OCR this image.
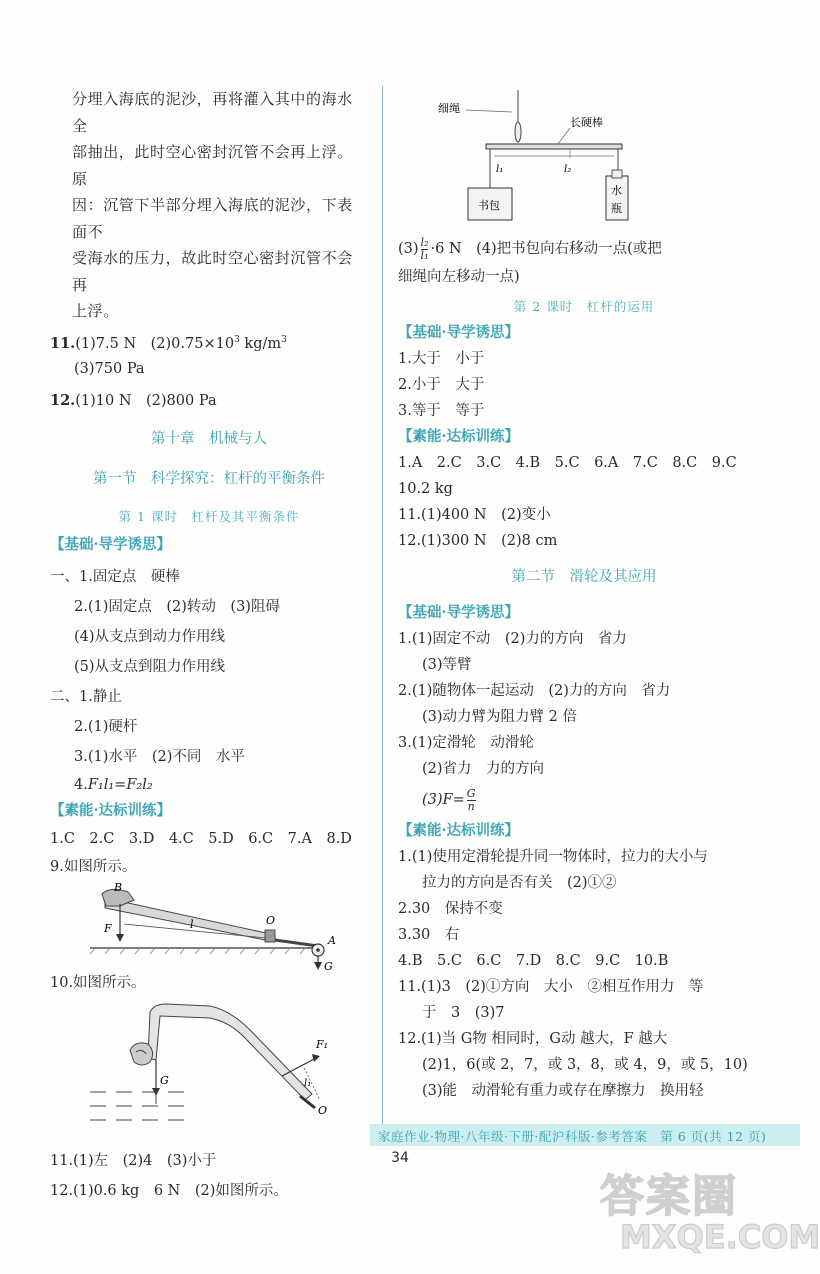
分埋入海底的泥沙，再将灌入其中的海水全
部抽出，此时空心密封沉管不会再上浮。原
因：沉管下半部分埋入海底的泥沙，下表面不
受海水的压力，故此时空心密封沉管不会再
上浮。
11.(1)7.5 N　$(2)0.75\times 10^3$ $kg/m^3$
(3)750 Pa
12.(1)10 N　(2)800 Pa
第十章　机械与人
第一节　科学探究：杠杆的平衡条件
第 1 课时　杠杆及其平衡条件
【基础·导学诱思】
一、1.固定点　硬棒
2.(1)固定点　(2)转动　(3)阻碍
(4)从支点到动力作用线
(5)从支点到阻力作用线
二、1.静止
2.(1)硬杆
3.(1)水平　(2)不同　水平
4.F₁l₁=F₂l₂
【素能·达标训练】
1.C　2.C　3.D　4.C　5.D　6.C　7.A　8.D
9.如图所示。
B
O
F	l
A
G
10.如图所示。
F₁
l₁
G
O
11.(1)左　(2)4　(3)小于
12.(1)0.6 kg　6 N　(2)如图所示。
细绳
长硬棒
l₁	l₂
书包
水
瓶
$(3) \frac{\text{l₂}}{\text{l₁}} \cdot 6$ N　(4)把书包向右移动一点(或把
细绳向左移动一点)
第 2 课时　杠杆的运用
【基础·导学诱思】
1.大于　小于
2.小于　大于
3.等于　等于
【素能·达标训练】
1.A　2.C　3.C　4.B　5.C　6.A　7.C　8.C　9.C
10.2 kg
11.(1)400 N　(2)变小
12.(1)300 N　(2)8 cm
第二节　滑轮及其应用
【基础·导学诱思】
1.(1)固定不动　(2)力的方向　省力
(3)等臂
2.(1)随物体一起运动　(2)力的方向　省力
(3)动力臂为阻力臂 2 倍
3.(1)定滑轮　动滑轮
(2)省力　力的方向
$(3)F= \frac{G}{n}$
【素能·达标训练】
1.(1)使用定滑轮提升同一物体时，拉力的大小与
拉力的方向是否有关　(2)①②
2.30　保持不变
3.30　右
4.B　5.C　6.C　7.D　8.C　9.C　10.B
11.(1)3　(2)①方向　大小　②相互作用力　等
于　3　(3)7
12.(1)当 G物 相同时，G动 越大，F 越大
(2)1，6(或 2，7，或 3，8，或 4，9，或 5，10)
(3)能　动滑轮有重力或存在摩擦力　换用轻
家庭作业·物理·八年级·下册·配沪科版·参考答案　第 6 页(共 12 页)
34
答案圈
MXQE.COM
